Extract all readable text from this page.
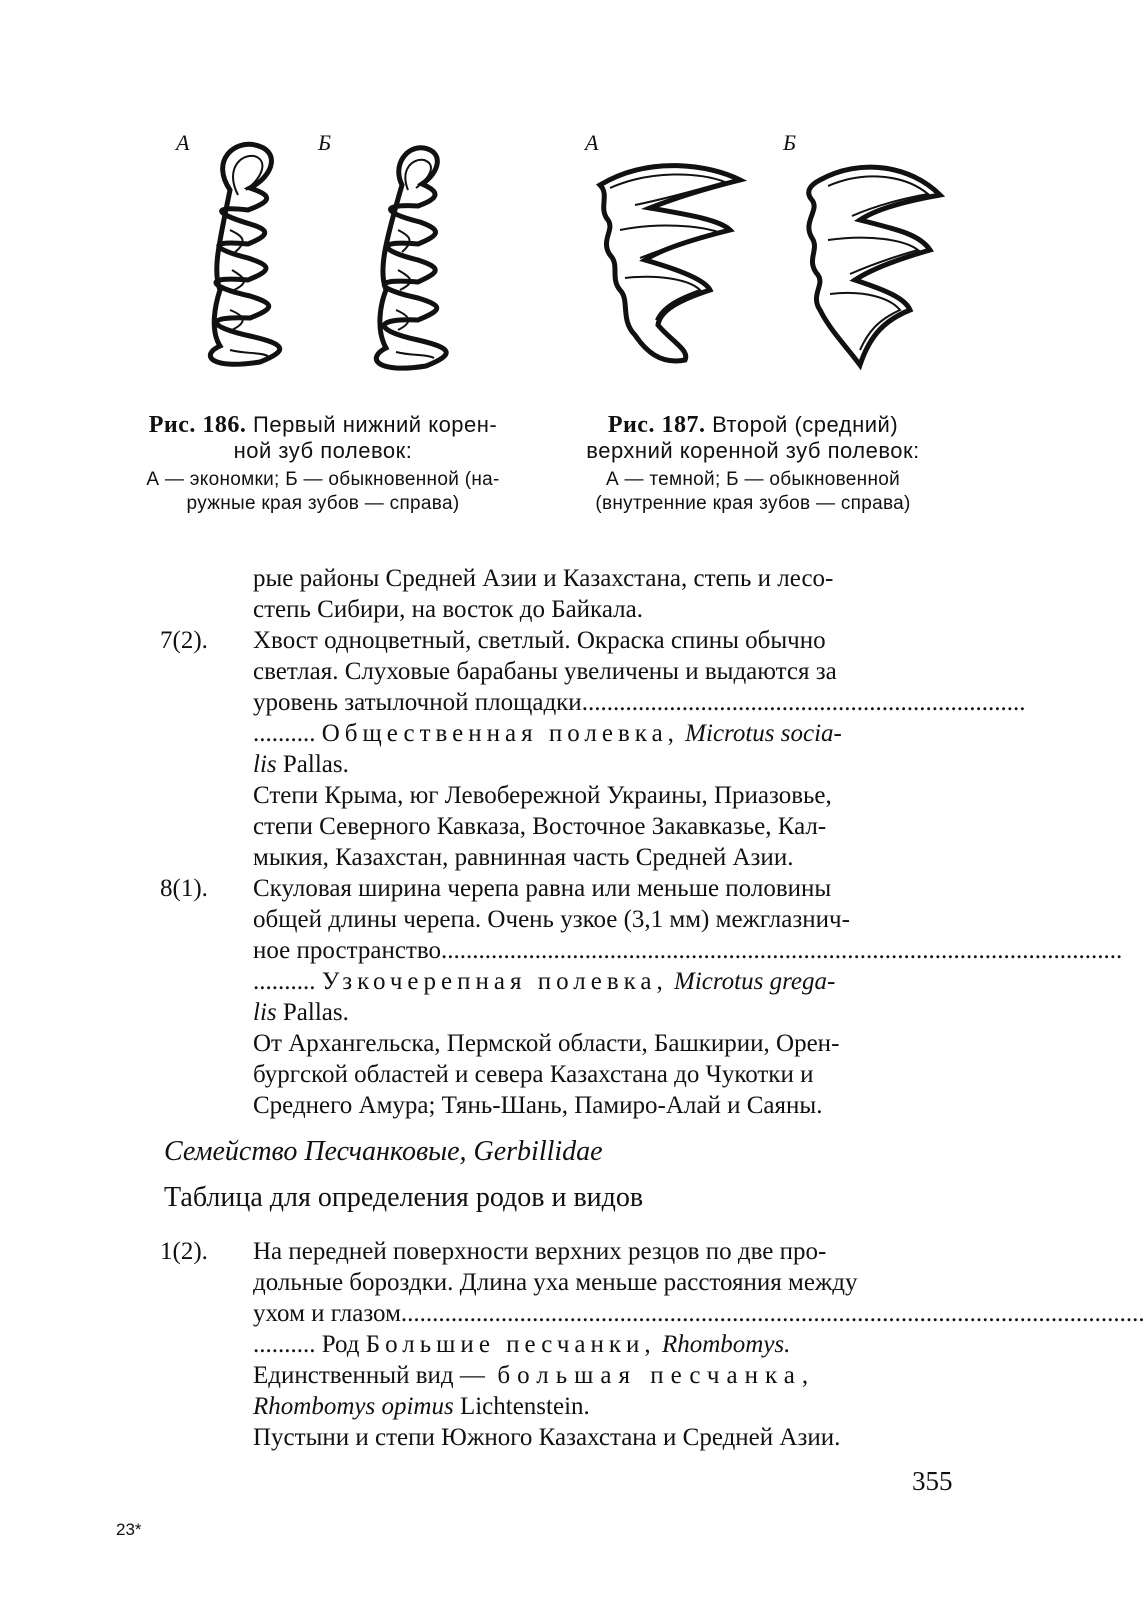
А	Б
Рис. 186. Первый нижний корен-
ной зуб полевок:
А — экономки; Б — обыкновенной (на-
ружные края зубов — справа)
А	Б
Рис. 187. Второй (средний)
верхний коренной зуб полевок:
А — темной; Б — обыкновенной
(внутренние края зубов — справа)
рые районы Средней Азии и Казахстана, степь и лесо-
степь Сибири, на восток до Байкала.
7(2). Хвост одноцветный, светлый. Окраска спины обычно
светлая. Слуховые барабаны увеличены и выдаются за
уровень затылочной площадки.......................................................................
.......... Общественная полевка, Microtus socia-
lis Pallas.
Степи Крыма, юг Левобережной Украины, Приазовье,
степи Северного Кавказа, Восточное Закавказье, Кал-
мыкия, Казахстан, равнинная часть Средней Азии.
8(1). Скуловая ширина черепа равна или меньше половины
общей длины черепа. Очень узкое (3,1 мм) межглазнич-
ное пространство.............................................................................................................
.......... Узкочерепная полевка, Microtus grega-
lis Pallas.
От Архангельска, Пермской области, Башкирии, Орен-
бургской областей и севера Казахстана до Чукотки и
Среднего Амура; Тянь-Шань, Памиро-Алай и Саяны.
Семейство Песчанковые, Gerbillidae
Таблица для определения родов и видов
1(2). На передней поверхности верхних резцов по две про-
дольные бороздки. Длина уха меньше расстояния между
ухом и глазом.......................................................................................................................
.......... Род Большие песчанки, Rhombomys.
Единственный вид — большая песчанка,
Rhombomys opimus Lichtenstein.
Пустыни и степи Южного Казахстана и Средней Азии.
355
23*
